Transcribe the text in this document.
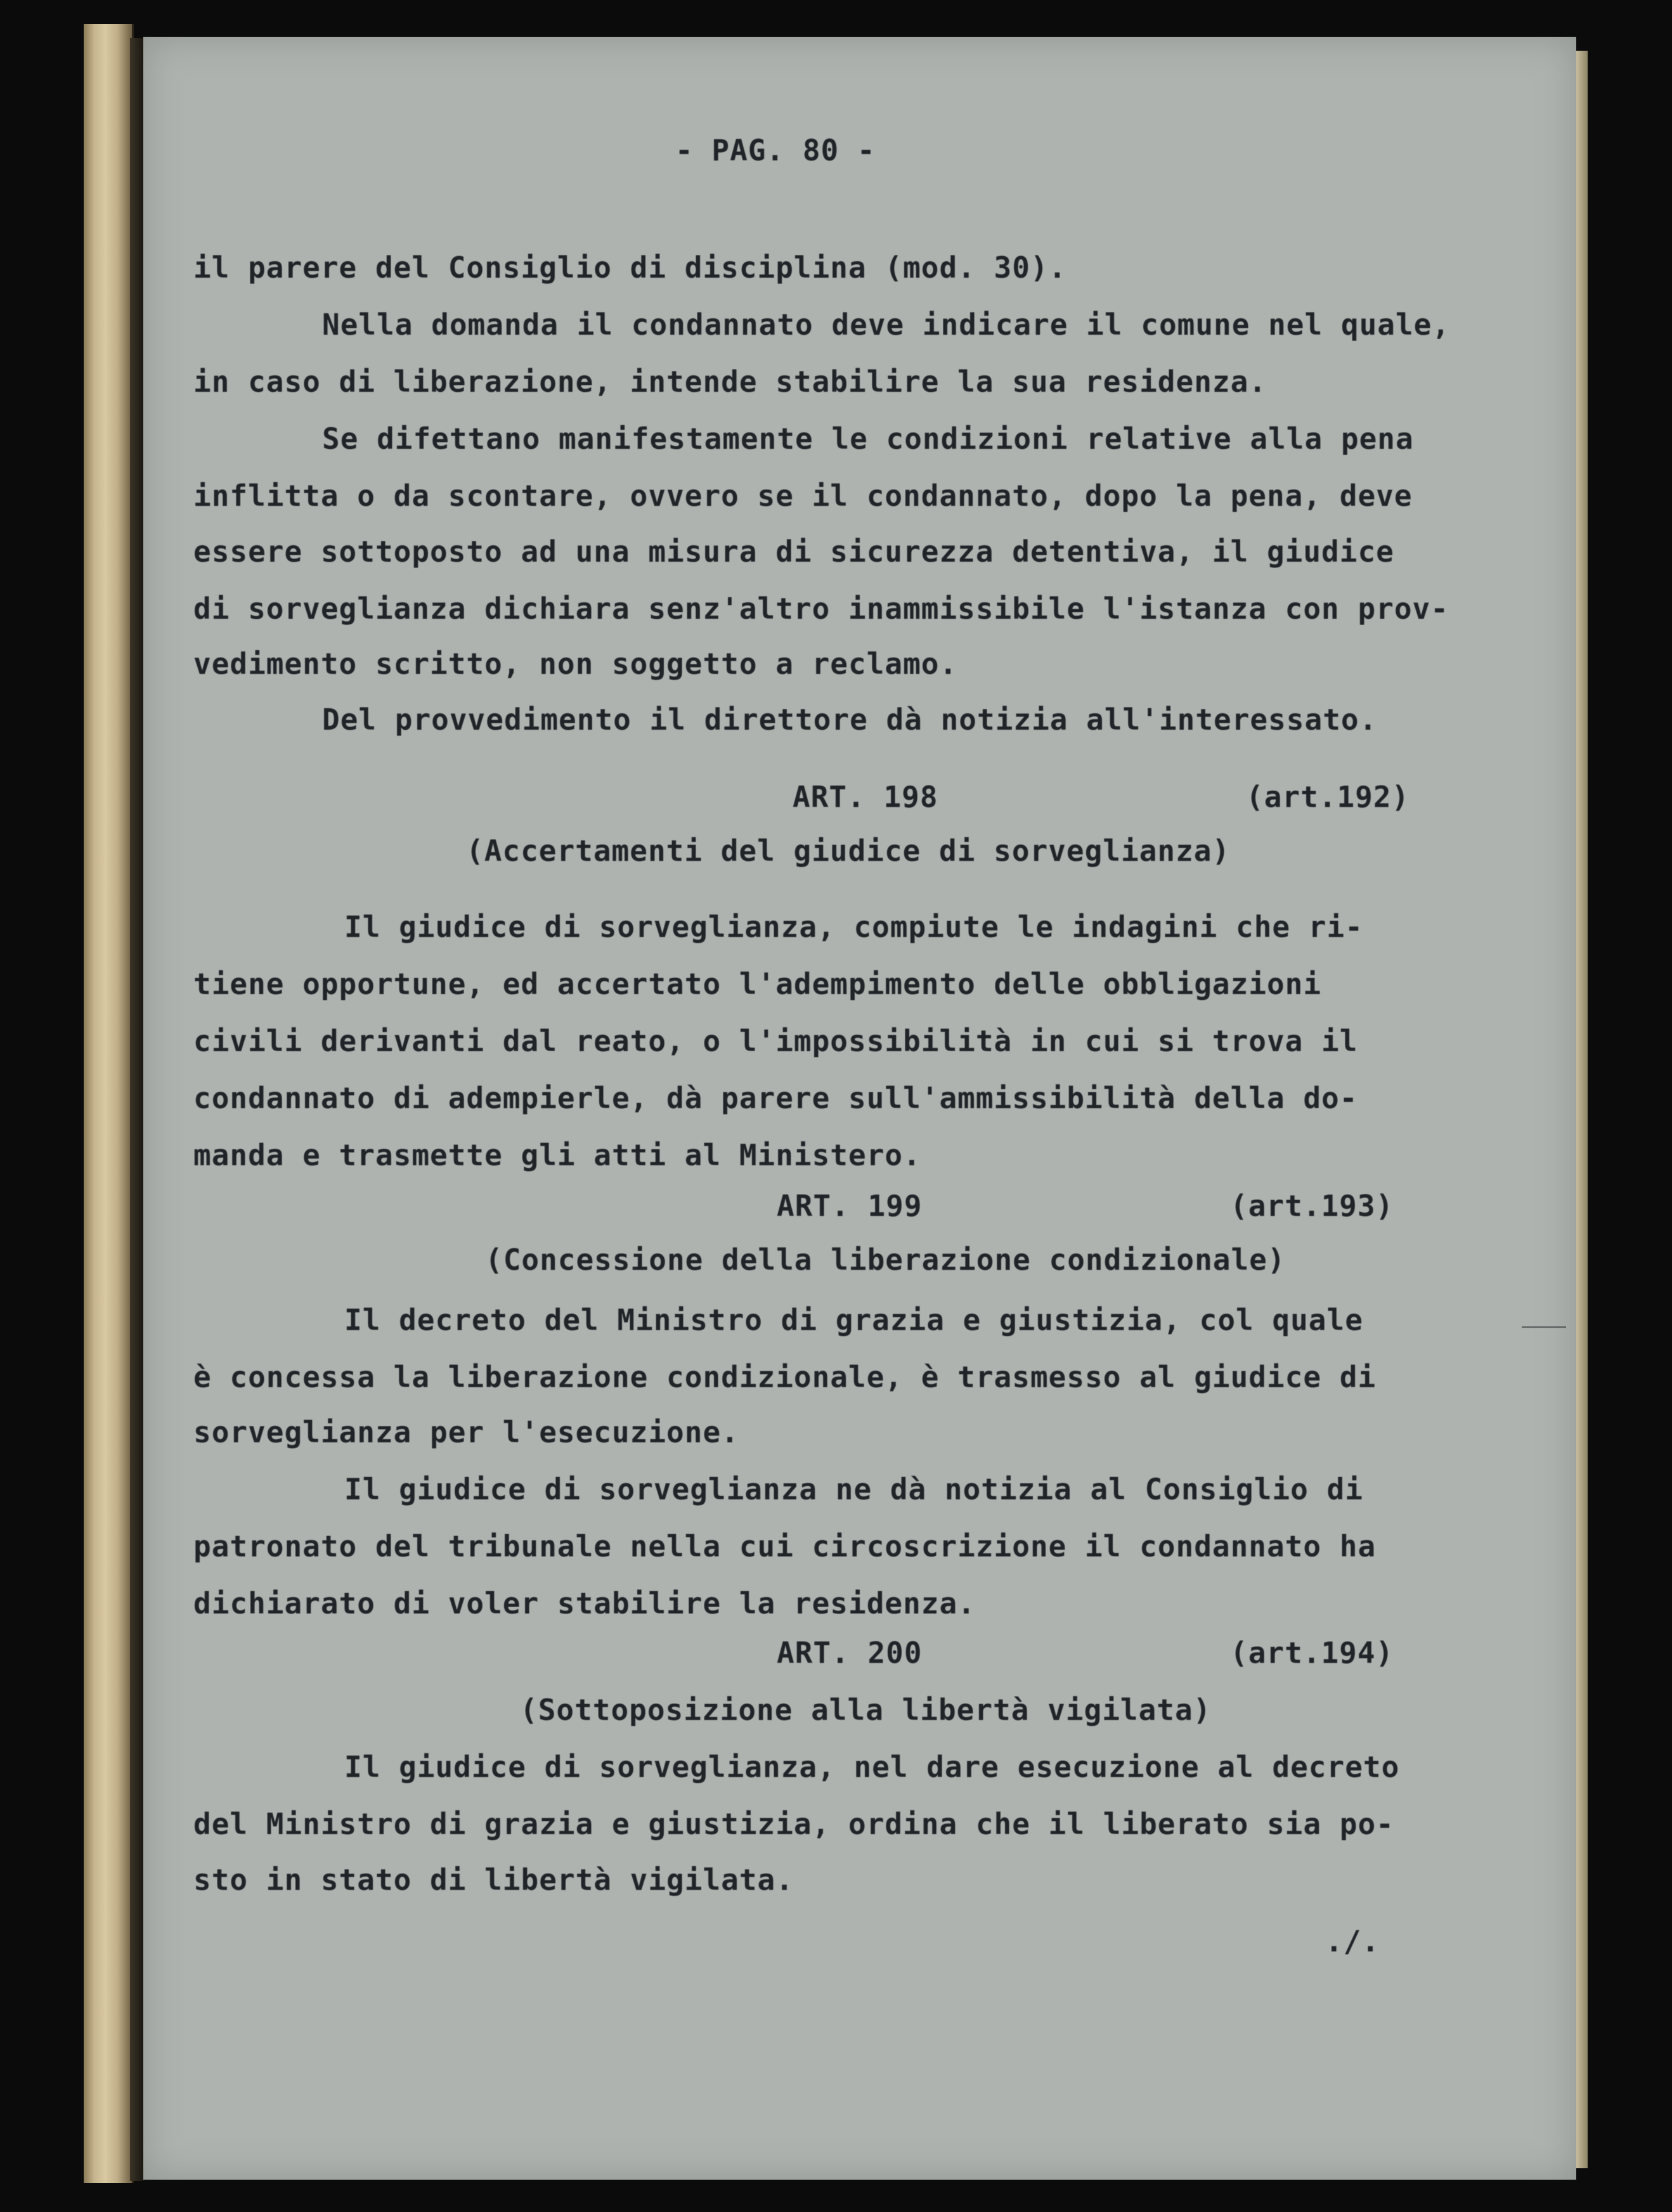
- PAG. 80 -
il parere del Consiglio di disciplina (mod. 30).
Nella domanda il condannato deve indicare il comune nel quale,
in caso di liberazione, intende stabilire la sua residenza.
Se difettano manifestamente le condizioni relative alla pena
inflitta o da scontare, ovvero se il condannato, dopo la pena, deve
essere sottoposto ad una misura di sicurezza detentiva, il giudice
di sorveglianza dichiara senz'altro inammissibile l'istanza con prov-
vedimento scritto, non soggetto a reclamo.
Del provvedimento il direttore dà notizia all'interessato.
ART. 198	(art.192)
(Accertamenti del giudice di sorveglianza)
Il giudice di sorveglianza, compiute le indagini che ri-
tiene opportune, ed accertato l'adempimento delle obbligazioni
civili derivanti dal reato, o l'impossibilità in cui si trova il
condannato di adempierle, dà parere sull'ammissibilità della do-
manda e trasmette gli atti al Ministero.
ART. 199	(art.193)
(Concessione della liberazione condizionale)
Il decreto del Ministro di grazia e giustizia, col quale
è concessa la liberazione condizionale, è trasmesso al giudice di
sorveglianza per l'esecuzione.
Il giudice di sorveglianza ne dà notizia al Consiglio di
patronato del tribunale nella cui circoscrizione il condannato ha
dichiarato di voler stabilire la residenza.
ART. 200	(art.194)
(Sottoposizione alla libertà vigilata)
Il giudice di sorveglianza, nel dare esecuzione al decreto
del Ministro di grazia e giustizia, ordina che il liberato sia po-
sto in stato di libertà vigilata.
./.
